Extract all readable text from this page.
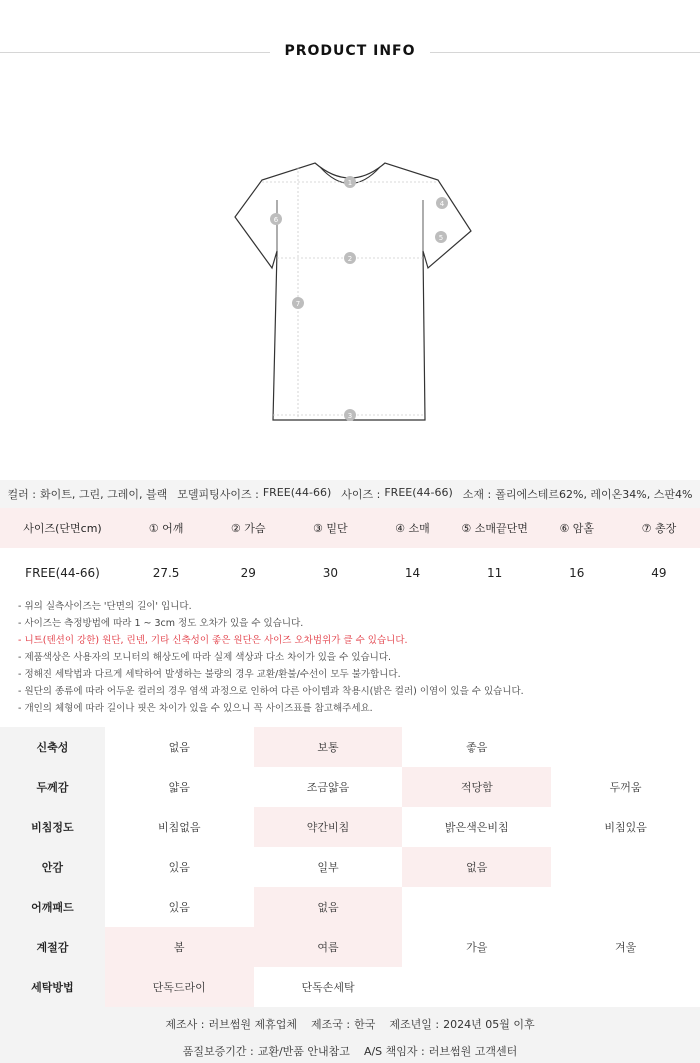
PRODUCT INFO
1
2
3
4
5
6
7
컬러 : 화이트, 그린, 그레이, 블랙 모델피팅사이즈 : FREE(44-66) 사이즈 : FREE(44-66) 소재 : 폴리에스테르62%, 레이온34%, 스판4%
사이즈(단면cm)	① 어깨	② 가슴	③ 밑단	④ 소매	⑤ 소매끝단면	⑥ 암홀	⑦ 총장
FREE(44-66)	27.5	29	30	14	11	16	49
- 위의 실측사이즈는 '단면의 길이' 입니다.
- 사이즈는 측정방법에 따라 1 ~ 3cm 정도 오차가 있을 수 있습니다.
- 니트(텐션이 강한) 원단, 린넨, 기타 신축성이 좋은 원단은 사이즈 오차범위가 클 수 있습니다.
- 제품색상은 사용자의 모니터의 해상도에 따라 실제 색상과 다소 차이가 있을 수 있습니다.
- 정해진 세탁법과 다르게 세탁하여 발생하는 불량의 경우 교환/환불/수선이 모두 불가합니다.
- 원단의 종류에 따라 어두운 컬러의 경우 염색 과정으로 인하여 다른 아이템과 착용시(밝은 컬러) 이염이 있을 수 있습니다.
- 개인의 체형에 따라 길이나 핏은 차이가 있을 수 있으니 꼭 사이즈표를 참고해주세요.
신축성	없음	보통	좋음
두께감	얇음	조금얇음	적당함	두꺼움
비침정도	비침없음	약간비침	밝은색은비침	비침있음
안감	있음	일부	없음
어깨패드	있음	없음
계절감	봄	여름	가을	겨울
세탁방법	단독드라이	단독손세탁
제조사 : 러브썸원 제휴업체 제조국 : 한국 제조년일 : 2024년 05월 이후
품질보증기간 : 교환/반품 안내참고 A/S 책임자 : 러브썸원 고객센터
